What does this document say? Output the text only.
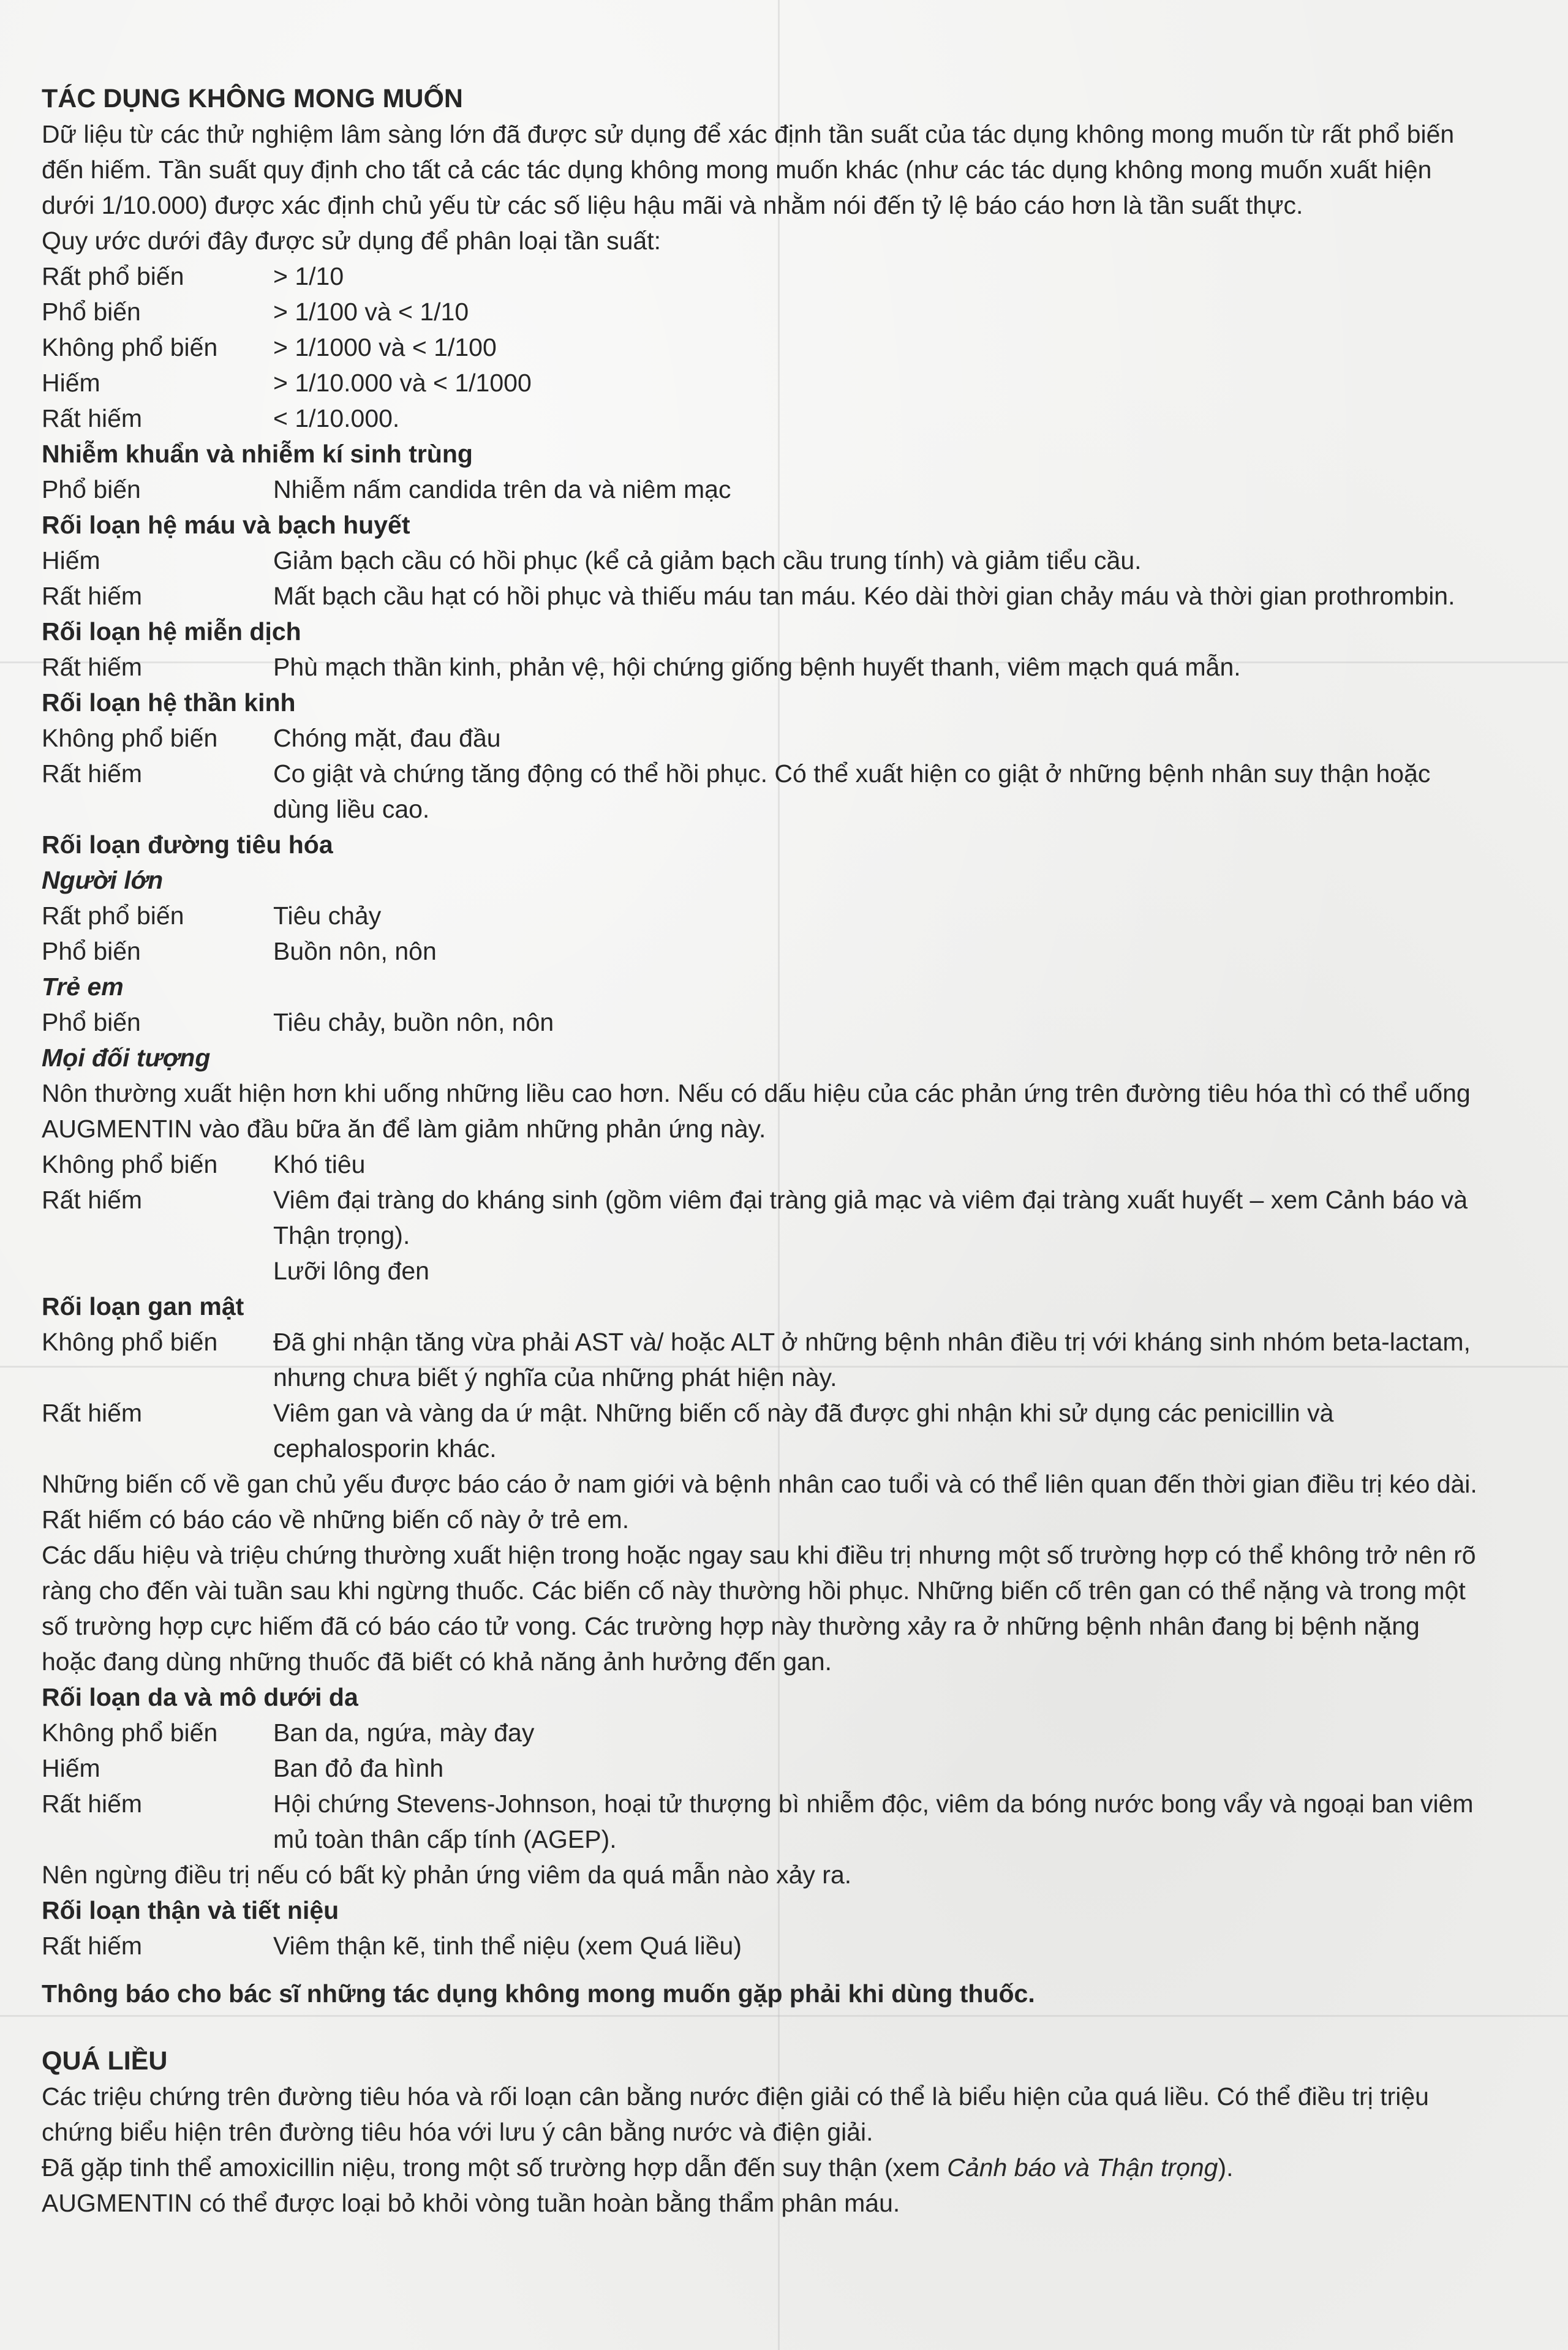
TÁC DỤNG KHÔNG MONG MUỐN

Dữ liệu từ các thử nghiệm lâm sàng lớn đã được sử dụng để xác định tần suất của tác dụng không mong muốn từ rất phổ biến đến hiếm. Tần suất quy định cho tất cả các tác dụng không mong muốn khác (như các tác dụng không mong muốn xuất hiện dưới 1/10.000) được xác định chủ yếu từ các số liệu hậu mãi và nhằm nói đến tỷ lệ báo cáo hơn là tần suất thực.

Quy ước dưới đây được sử dụng để phân loại tần suất:

Rất phổ biến	> 1/10
Phổ biến	> 1/100 và < 1/10
Không phổ biến	> 1/1000 và < 1/100
Hiếm	> 1/10.000 và < 1/1000
Rất hiếm	< 1/10.000.
Nhiễm khuẩn và nhiễm kí sinh trùng
Phổ biến	Nhiễm nấm candida trên da và niêm mạc
Rối loạn hệ máu và bạch huyết
Hiếm	Giảm bạch cầu có hồi phục (kể cả giảm bạch cầu trung tính) và giảm tiểu cầu.
Rất hiếm	Mất bạch cầu hạt có hồi phục và thiếu máu tan máu. Kéo dài thời gian chảy máu và thời gian prothrombin.
Rối loạn hệ miễn dịch
Rất hiếm	Phù mạch thần kinh, phản vệ, hội chứng giống bệnh huyết thanh, viêm mạch quá mẫn.
Rối loạn hệ thần kinh
Không phổ biến	Chóng mặt, đau đầu
Rất hiếm	Co giật và chứng tăng động có thể hồi phục. Có thể xuất hiện co giật ở những bệnh nhân suy thận hoặc dùng liều cao.
Rối loạn đường tiêu hóa
Người lớn
Rất phổ biến	Tiêu chảy
Phổ biến	Buồn nôn, nôn
Trẻ em
Phổ biến	Tiêu chảy, buồn nôn, nôn
Mọi đối tượng

Nôn thường xuất hiện hơn khi uống những liều cao hơn. Nếu có dấu hiệu của các phản ứng trên đường tiêu hóa thì có thể uống AUGMENTIN vào đầu bữa ăn để làm giảm những phản ứng này.

Không phổ biến	Khó tiêu
Rất hiếm	Viêm đại tràng do kháng sinh (gồm viêm đại tràng giả mạc và viêm đại tràng xuất huyết – xem Cảnh báo và Thận trọng).

Lưỡi lông đen

Rối loạn gan mật
Không phổ biến	Đã ghi nhận tăng vừa phải AST và/ hoặc ALT ở những bệnh nhân điều trị với kháng sinh nhóm beta-lactam, nhưng chưa biết ý nghĩa của những phát hiện này.
Rất hiếm	Viêm gan và vàng da ứ mật. Những biến cố này đã được ghi nhận khi sử dụng các penicillin và cephalosporin khác.

Những biến cố về gan chủ yếu được báo cáo ở nam giới và bệnh nhân cao tuổi và có thể liên quan đến thời gian điều trị kéo dài. Rất hiếm có báo cáo về những biến cố này ở trẻ em.

Các dấu hiệu và triệu chứng thường xuất hiện trong hoặc ngay sau khi điều trị nhưng một số trường hợp có thể không trở nên rõ ràng cho đến vài tuần sau khi ngừng thuốc. Các biến cố này thường hồi phục. Những biến cố trên gan có thể nặng và trong một số trường hợp cực hiếm đã có báo cáo tử vong. Các trường hợp này thường xảy ra ở những bệnh nhân đang bị bệnh nặng hoặc đang dùng những thuốc đã biết có khả năng ảnh hưởng đến gan.

Rối loạn da và mô dưới da
Không phổ biến	Ban da, ngứa, mày đay
Hiếm	Ban đỏ đa hình
Rất hiếm	Hội chứng Stevens-Johnson, hoại tử thượng bì nhiễm độc, viêm da bóng nước bong vẩy và ngoại ban viêm mủ toàn thân cấp tính (AGEP).

Nên ngừng điều trị nếu có bất kỳ phản ứng viêm da quá mẫn nào xảy ra.

Rối loạn thận và tiết niệu
Rất hiếm	Viêm thận kẽ, tinh thể niệu (xem Quá liều)
Thông báo cho bác sĩ những tác dụng không mong muốn gặp phải khi dùng thuốc.
QUÁ LIỀU

Các triệu chứng trên đường tiêu hóa và rối loạn cân bằng nước điện giải có thể là biểu hiện của quá liều. Có thể điều trị triệu chứng biểu hiện trên đường tiêu hóa với lưu ý cân bằng nước và điện giải.

Đã gặp tinh thể amoxicillin niệu, trong một số trường hợp dẫn đến suy thận (xem Cảnh báo và Thận trọng).

AUGMENTIN có thể được loại bỏ khỏi vòng tuần hoàn bằng thẩm phân máu.
